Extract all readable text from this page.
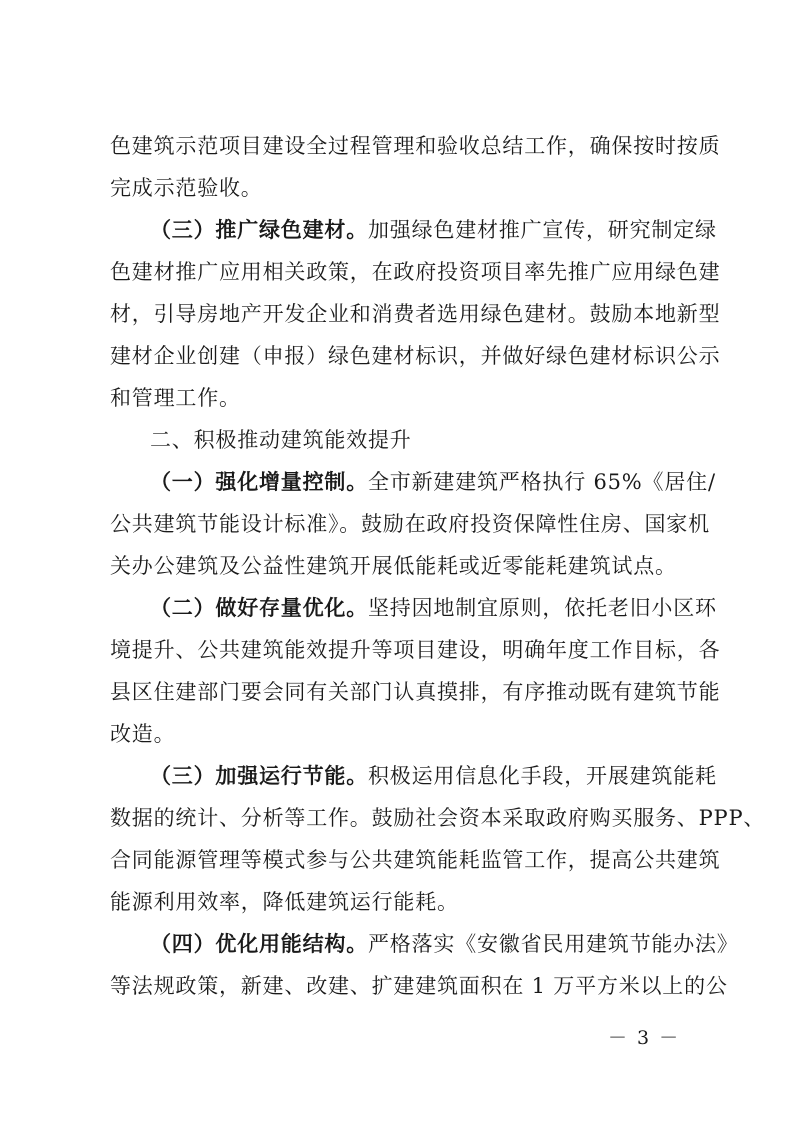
色建筑示范项目建设全过程管理和验收总结工作，确保按时按质
完成示范验收。
（三）推广绿色建材。加强绿色建材推广宣传，研究制定绿
色建材推广应用相关政策，在政府投资项目率先推广应用绿色建
材，引导房地产开发企业和消费者选用绿色建材。鼓励本地新型
建材企业创建（申报）绿色建材标识，并做好绿色建材标识公示
和管理工作。
二、积极推动建筑能效提升
（一）强化增量控制。全市新建建筑严格执行 65%《居住/
公共建筑节能设计标准》。鼓励在政府投资保障性住房、国家机
关办公建筑及公益性建筑开展低能耗或近零能耗建筑试点。
（二）做好存量优化。坚持因地制宜原则，依托老旧小区环
境提升、公共建筑能效提升等项目建设，明确年度工作目标，各
县区住建部门要会同有关部门认真摸排，有序推动既有建筑节能
改造。
（三）加强运行节能。积极运用信息化手段，开展建筑能耗
数据的统计、分析等工作。鼓励社会资本采取政府购买服务、PPP、
合同能源管理等模式参与公共建筑能耗监管工作，提高公共建筑
能源利用效率，降低建筑运行能耗。
（四）优化用能结构。严格落实《安徽省民用建筑节能办法》
等法规政策，新建、改建、扩建建筑面积在 1 万平方米以上的公
－ 3 －
